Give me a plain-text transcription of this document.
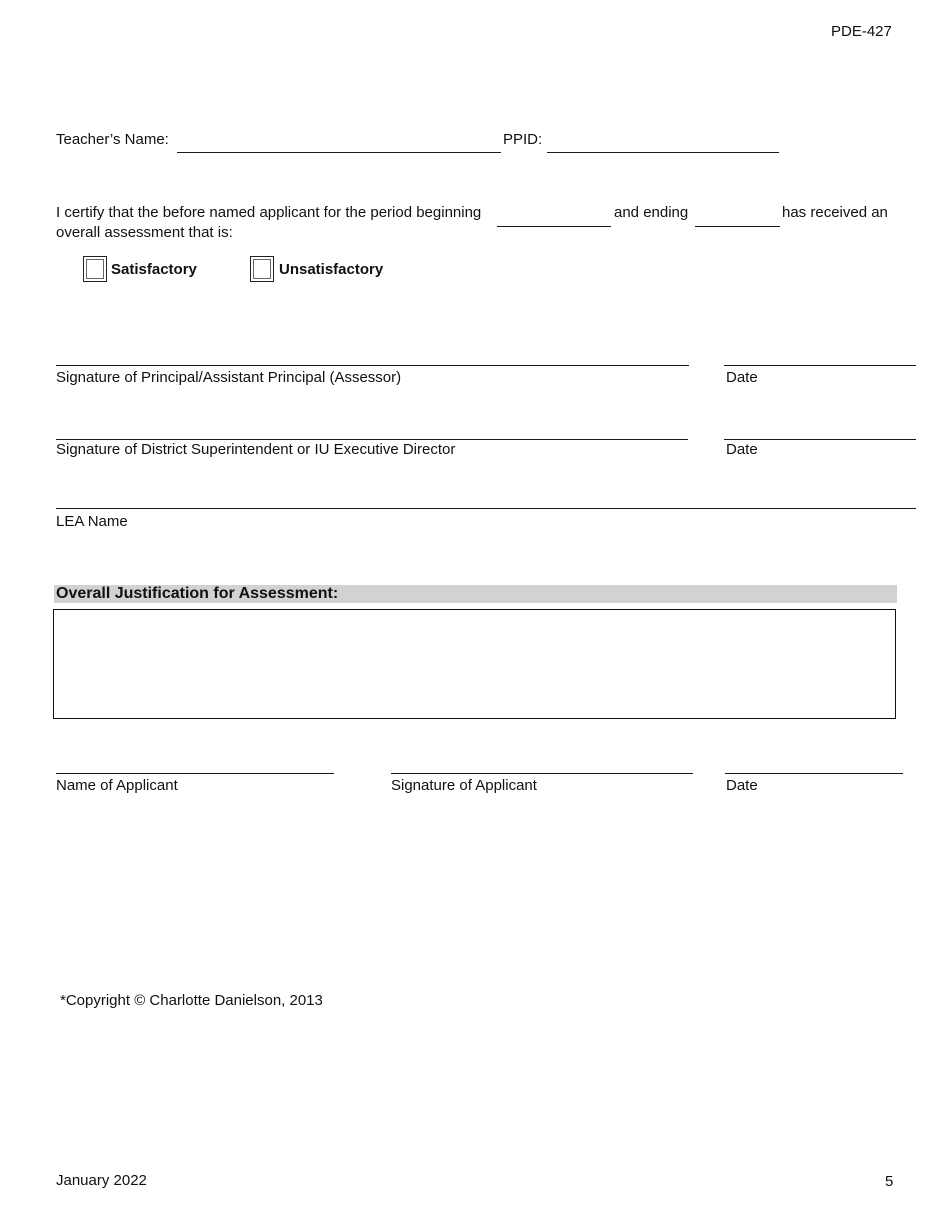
PDE-427
Teacher’s Name:	PPID:
I certify that the before named applicant for the period beginning	and ending	has received an
overall assessment that is:
Satisfactory	Unsatisfactory
Signature of Principal/Assistant Principal (Assessor)	Date
Signature of District Superintendent or IU Executive Director	Date
LEA Name
Overall Justification for Assessment:
Name of Applicant	Signature of Applicant	Date
*Copyright © Charlotte Danielson, 2013
January 2022	5
